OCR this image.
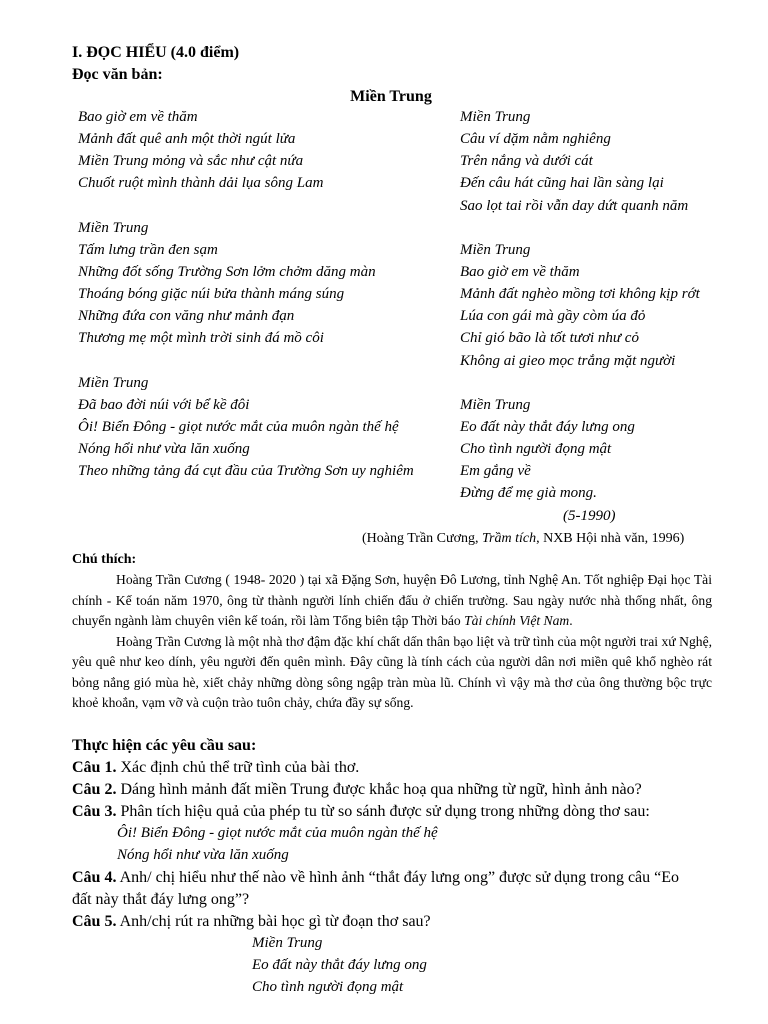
I. ĐỌC HIỂU (4.0 điểm)
Đọc văn bản:
Miền Trung
Bao giờ em về thăm
Mảnh đất quê anh một thời ngút lửa
Miền Trung mỏng và sắc như cật nứa
Chuốt ruột mình thành dải lụa sông Lam
Miền Trung
Tấm lưng trần đen sạm
Những đốt sống Trường Sơn lởm chởm dăng màn
Thoáng bóng giặc núi bửa thành máng súng
Những đứa con văng như mảnh đạn
Thương mẹ một mình trời sinh đá mồ côi
Miền Trung
Đã bao đời núi với bể kề đôi
Ôi! Biển Đông - giọt nước mắt của muôn ngàn thế hệ
Nóng hổi như vừa lăn xuống
Theo những tảng đá cụt đầu của Trường Sơn uy nghiêm
Miền Trung
Câu ví dặm nằm nghiêng
Trên nắng và dưới cát
Đến câu hát cũng hai lần sàng lại
Sao lọt tai rồi vẫn day dứt quanh năm
Miền Trung
Bao giờ em về thăm
Mảnh đất nghèo mồng tơi không kịp rớt
Lúa con gái mà gầy còm úa đỏ
Chỉ gió bão là tốt tươi như cỏ
Không ai gieo mọc trắng mặt người
Miền Trung
Eo đất này thắt đáy lưng ong
Cho tình người đọng mật
Em gắng về
Đừng để mẹ già mong.
(5-1990)
(Hoàng Trần Cương, Trầm tích, NXB Hội nhà văn, 1996)
Chú thích:

Hoàng Trần Cương ( 1948- 2020 ) tại xã Đặng Sơn, huyện Đô Lương, tỉnh Nghệ An. Tốt nghiệp Đại học Tài chính - Kế toán năm 1970, ông từ thành người lính chiến đấu ở chiến trường. Sau ngày nước nhà thống nhất, ông chuyển ngành làm chuyên viên kế toán, rồi làm Tổng biên tập Thời báo Tài chính Việt Nam.

Hoàng Trần Cương là một nhà thơ đậm đặc khí chất dấn thân bạo liệt và trữ tình của một người trai xứ Nghệ, yêu quê như keo dính, yêu người đến quên mình. Đây cũng là tính cách của người dân nơi miền quê khổ nghèo rát bỏng nắng gió mùa hè, xiết chảy những dòng sông ngập tràn mùa lũ. Chính vì vậy mà thơ của ông thường bộc trực khoẻ khoắn, vạm vỡ và cuộn trào tuôn chảy, chứa đầy sự sống.

Thực hiện các yêu cầu sau:
Câu 1. Xác định chủ thể trữ tình của bài thơ.
Câu 2. Dáng hình mảnh đất miền Trung được khắc hoạ qua những từ ngữ, hình ảnh nào?
Câu 3. Phân tích hiệu quả của phép tu từ so sánh được sử dụng trong những dòng thơ sau:
Ôi! Biển Đông - giọt nước mắt của muôn ngàn thế hệ
Nóng hổi như vừa lăn xuống
Câu 4. Anh/ chị hiểu như thế nào về hình ảnh “thắt đáy lưng ong” được sử dụng trong câu “Eo
đất này thắt đáy lưng ong”?
Câu 5. Anh/chị rút ra những bài học gì từ đoạn thơ sau?
Miền Trung
Eo đất này thắt đáy lưng ong
Cho tình người đọng mật
